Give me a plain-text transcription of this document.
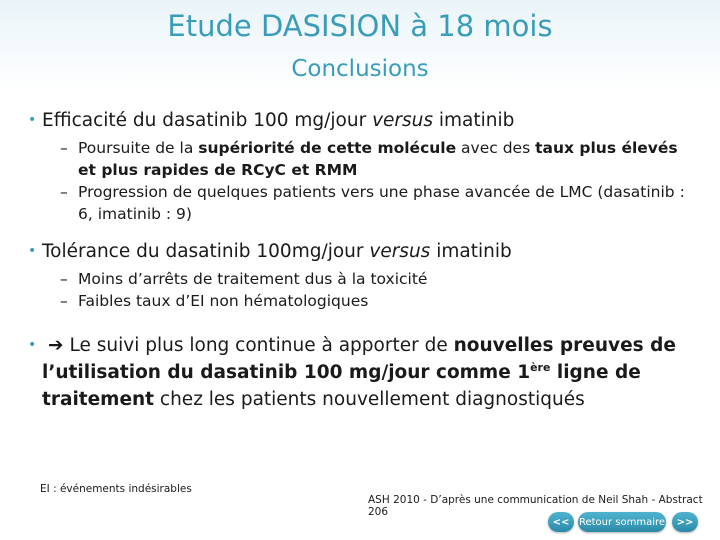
Etude DASISION à 18 mois
Conclusions
• Efficacité du dasatinib 100 mg/jour versus imatinib
– Poursuite de la supériorité de cette molécule avec des taux plus élevés et plus rapides de RCyC et RMM
– Progression de quelques patients vers une phase avancée de LMC (dasatinib : 6, imatinib : 9)
• Tolérance du dasatinib 100mg/jour versus imatinib
– Moins d’arrêts de traitement dus à la toxicité
– Faibles taux d’EI non hématologiques
• ➔ Le suivi plus long continue à apporter de nouvelles preuves de l’utilisation du dasatinib 100 mg/jour comme 1ère ligne de traitement chez les patients nouvellement diagnostiqués
EI : événements indésirables
ASH 2010 - D’après une communication de Neil Shah - Abstract 206
<< Retour sommaire	>>
